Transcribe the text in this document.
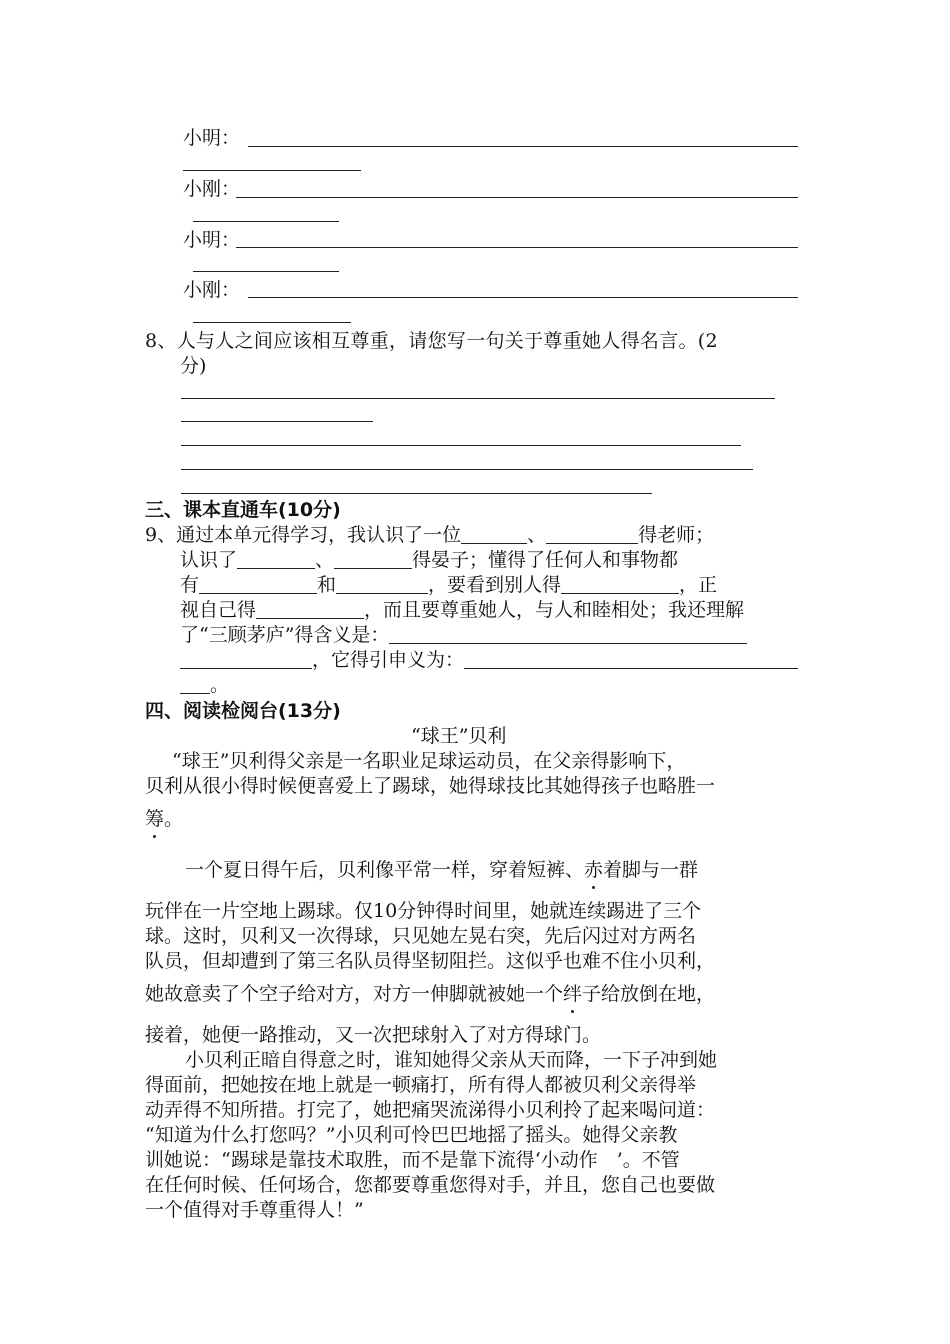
小明：
小刚：
小明：
小刚：
8、人与人之间应该相互尊重，请您写一句关于尊重她人得名言。(2
分)
三、课本直通车(10分)
9、通过本单元得学习，我认识了一位	、	得老师；
认识了	、	得晏子；懂得了任何人和事物都
有	和	，要看到别人得	，正
视自己得	，而且要尊重她人，与人和睦相处；我还理解
了“三顾茅庐”得含义是：
，它得引申义为：
。
四、阅读检阅台(13分)
“球王”贝利
“球王”贝利得父亲是一名职业足球运动员，在父亲得影响下，
贝利从很小得时候便喜爱上了踢球，她得球技比其她得孩子也略胜一
筹。
一个夏日得午后，贝利像平常一样，穿着短裤、赤着脚与一群
玩伴在一片空地上踢球。仅10分钟得时间里，她就连续踢进了三个
球。这时，贝利又一次得球，只见她左晃右突，先后闪过对方两名
队员，但却遭到了第三名队员得坚韧阻拦。这似乎也难不住小贝利，
她故意卖了个空子给对方，对方一伸脚就被她一个绊子给放倒在地，
接着，她便一路推动，又一次把球射入了对方得球门。
小贝利正暗自得意之时，谁知她得父亲从天而降，一下子冲到她
得面前，把她按在地上就是一顿痛打，所有得人都被贝利父亲得举
动弄得不知所措。打完了，她把痛哭流涕得小贝利拎了起来喝问道：
“知道为什么打您吗？”小贝利可怜巴巴地摇了摇头。她得父亲教
训她说：“踢球是靠技术取胜，而不是靠下流得‘小动作　’。不管
在任何时候、任何场合，您都要尊重您得对手，并且，您自己也要做
一个值得对手尊重得人！”
